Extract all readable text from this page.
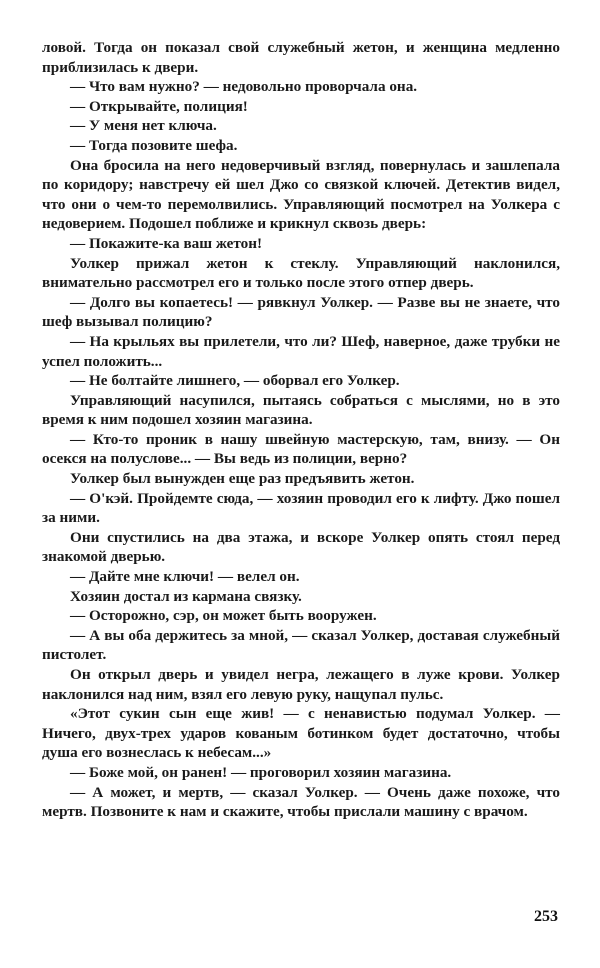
ловой. Тогда он показал свой служебный жетон, и женщина медленно приблизилась к двери.

— Что вам нужно? — недовольно проворчала она.

— Открывайте, полиция!

— У меня нет ключа.

— Тогда позовите шефа.

Она бросила на него недоверчивый взгляд, повернулась и зашлепала по коридору; навстречу ей шел Джо со связкой ключей. Детектив видел, что они о чем-то перемолвились. Управляющий посмотрел на Уолкера с недоверием. Подошел поближе и крикнул сквозь дверь:

— Покажите-ка ваш жетон!

Уолкер прижал жетон к стеклу. Управляющий наклонился, внимательно рассмотрел его и только после этого отпер дверь.

— Долго вы копаетесь! — рявкнул Уолкер. — Разве вы не знаете, что шеф вызывал полицию?

— На крыльях вы прилетели, что ли? Шеф, наверное, даже трубки не успел положить...

— Не болтайте лишнего, — оборвал его Уолкер.

Управляющий насупился, пытаясь собраться с мыслями, но в это время к ним подошел хозяин магазина.

— Кто-то проник в нашу швейную мастерскую, там, внизу. — Он осекся на полуслове... — Вы ведь из полиции, верно?

Уолкер был вынужден еще раз предъявить жетон.

— О'кэй. Пройдемте сюда, — хозяин проводил его к лифту. Джо пошел за ними.

Они спустились на два этажа, и вскоре Уолкер опять стоял перед знакомой дверью.

— Дайте мне ключи! — велел он.

Хозяин достал из кармана связку.

— Осторожно, сэр, он может быть вооружен.

— А вы оба держитесь за мной, — сказал Уолкер, доставая служебный пистолет.

Он открыл дверь и увидел негра, лежащего в луже крови. Уолкер наклонился над ним, взял его левую руку, нащупал пульс.

«Этот сукин сын еще жив! — с ненавистью подумал Уолкер. — Ничего, двух-трех ударов кованым ботинком будет достаточно, чтобы душа его вознеслась к небесам...»

— Боже мой, он ранен! — проговорил хозяин магазина.

— А может, и мертв, — сказал Уолкер. — Очень даже похоже, что мертв. Позвоните к нам и скажите, чтобы прислали машину с врачом.

253
